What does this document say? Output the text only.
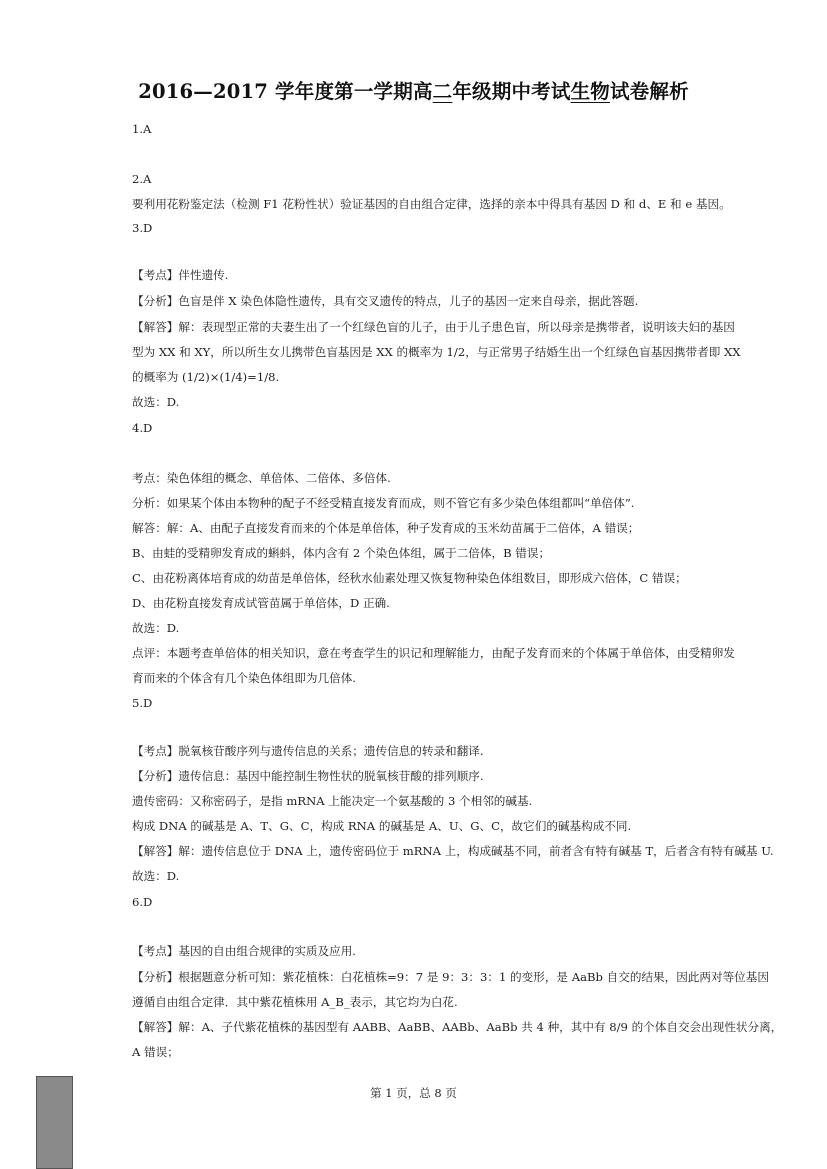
2016—2017 学年度第一学期高二年级期中考试生物试卷解析
1.A
2.A
要利用花粉鉴定法（检测 F1 花粉性状）验证基因的自由组合定律，选择的亲本中得具有基因 D 和 d、E 和 e 基因。
3.D
【考点】伴性遗传.
【分析】色盲是伴 X 染色体隐性遗传，具有交叉遗传的特点，儿子的基因一定来自母亲，据此答题.
【解答】解：表现型正常的夫妻生出了一个红绿色盲的儿子，由于儿子患色盲，所以母亲是携带者，说明该夫妇的基因
型为 XX 和 XY，所以所生女儿携带色盲基因是 XX 的概率为 1/2，与正常男子结婚生出一个红绿色盲基因携带者即 XX
的概率为 (1/2)×(1/4)=1/8.
故选：D.
4.D
考点：染色体组的概念、单倍体、二倍体、多倍体.
分析：如果某个体由本物种的配子不经受精直接发育而成，则不管它有多少染色体组都叫“单倍体”.
解答：解：A、由配子直接发育而来的个体是单倍体，种子发育成的玉米幼苗属于二倍体，A 错误；
B、由蛙的受精卵发育成的蝌蚪，体内含有 2 个染色体组，属于二倍体，B 错误；
C、由花粉离体培育成的幼苗是单倍体，经秋水仙素处理又恢复物种染色体组数目，即形成六倍体，C 错误；
D、由花粉直接发育成试管苗属于单倍体，D 正确.
故选：D.
点评：本题考查单倍体的相关知识，意在考查学生的识记和理解能力，由配子发育而来的个体属于单倍体，由受精卵发
育而来的个体含有几个染色体组即为几倍体.
5.D
【考点】脱氧核苷酸序列与遗传信息的关系；遗传信息的转录和翻译.
【分析】遗传信息：基因中能控制生物性状的脱氧核苷酸的排列顺序.
遗传密码：又称密码子，是指 mRNA 上能决定一个氨基酸的 3 个相邻的碱基.
构成 DNA 的碱基是 A、T、G、C，构成 RNA 的碱基是 A、U、G、C，故它们的碱基构成不同.
【解答】解：遗传信息位于 DNA 上，遗传密码位于 mRNA 上，构成碱基不同，前者含有特有碱基 T，后者含有特有碱基 U.
故选：D.
6.D
【考点】基因的自由组合规律的实质及应用.
【分析】根据题意分析可知：紫花植株：白花植株=9：7 是 9：3：3：1 的变形，是 AaBb 自交的结果，因此两对等位基因
遵循自由组合定律．其中紫花植株用 A_B_表示，其它均为白花.
【解答】解：A、子代紫花植株的基因型有 AABB、AaBB、AABb、AaBb 共 4 种，其中有 8/9 的个体自交会出现性状分离，
A 错误；
第 1 页，总 8 页
